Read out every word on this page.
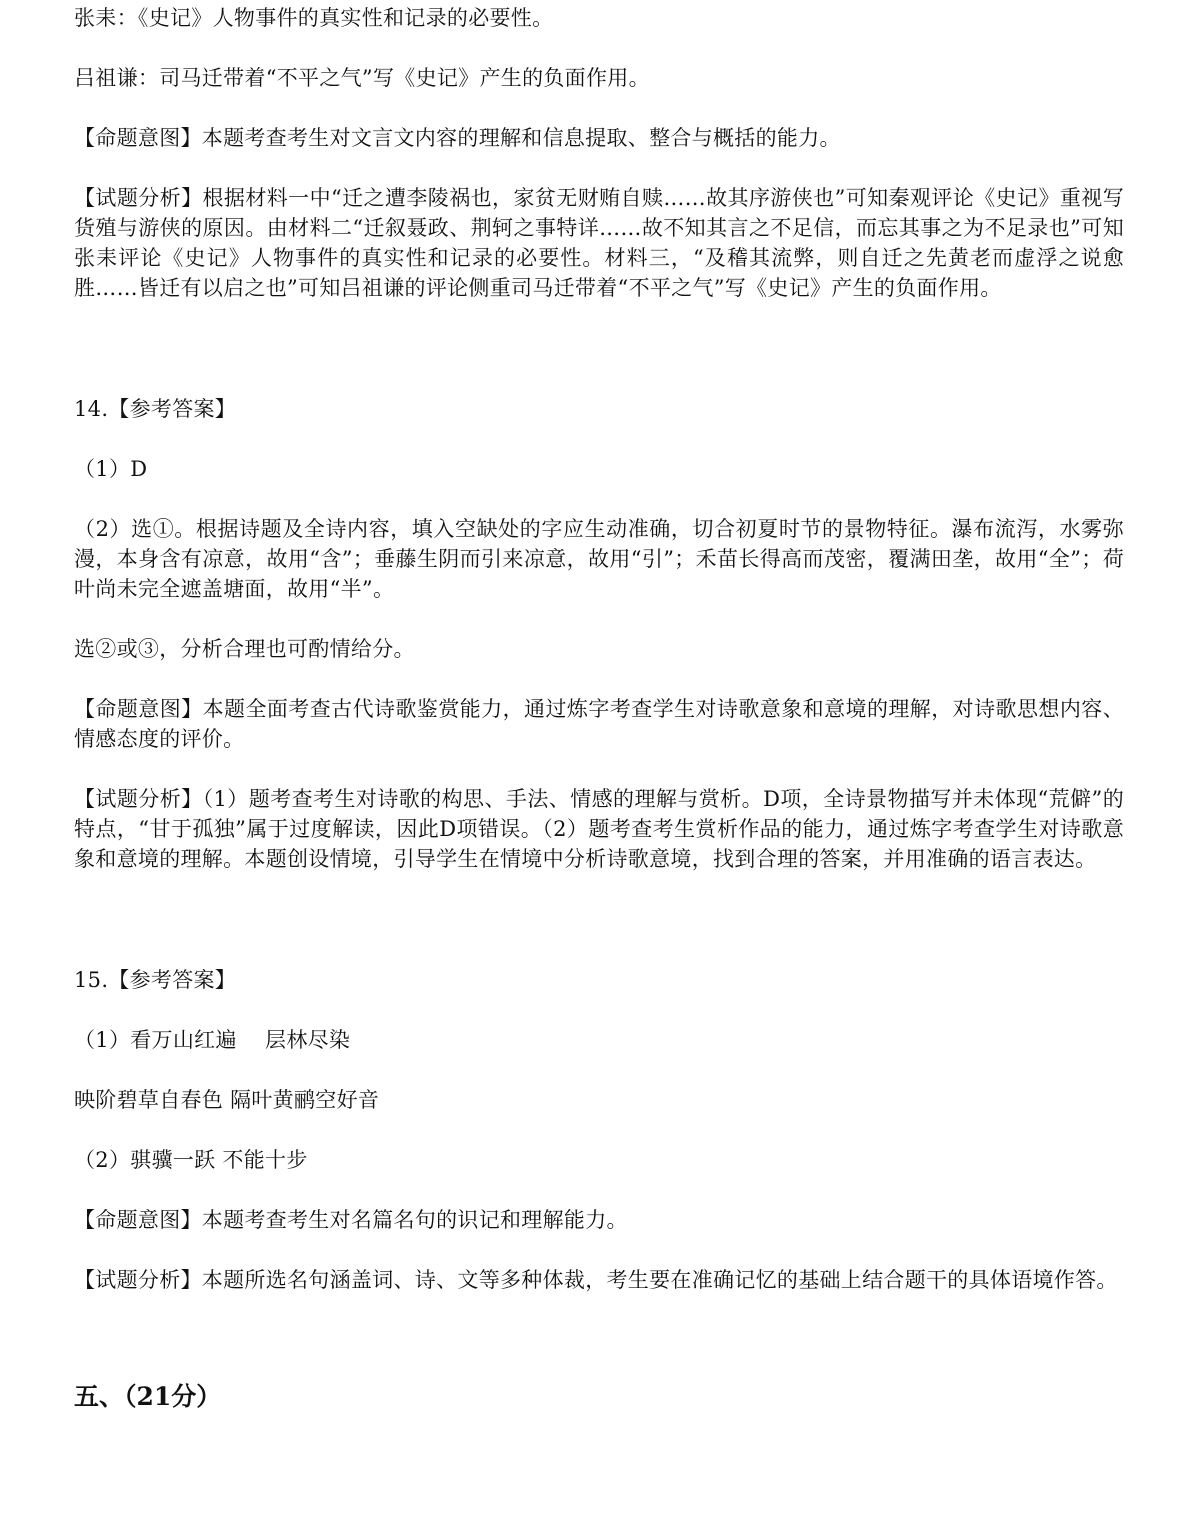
张耒：《史记》人物事件的真实性和记录的必要性。

吕祖谦：司马迁带着“不平之气”写《史记》产生的负面作用。

【命题意图】本题考查考生对文言文内容的理解和信息提取、整合与概括的能力。

【试题分析】根据材料一中“迁之遭李陵祸也，家贫无财贿自赎……故其序游侠也”可知秦观评论《史记》重视写货殖与游侠的原因。由材料二“迁叙聂政、荆轲之事特详……故不知其言之不足信，而忘其事之为不足录也”可知张耒评论《史记》人物事件的真实性和记录的必要性。材料三，“及稽其流弊，则自迁之先黄老而虚浮之说愈胜……皆迁有以启之也”可知吕祖谦的评论侧重司马迁带着“不平之气”写《史记》产生的负面作用。

14.【参考答案】

（1）D

（2）选①。根据诗题及全诗内容，填入空缺处的字应生动准确，切合初夏时节的景物特征。瀑布流泻，水雾弥漫，本身含有凉意，故用“含”；垂藤生阴而引来凉意，故用“引”；禾苗长得高而茂密，覆满田垄，故用“全”；荷叶尚未完全遮盖塘面，故用“半”。

选②或③，分析合理也可酌情给分。

【命题意图】本题全面考查古代诗歌鉴赏能力，通过炼字考查学生对诗歌意象和意境的理解，对诗歌思想内容、情感态度的评价。

【试题分析】（1）题考查考生对诗歌的构思、手法、情感的理解与赏析。D项，全诗景物描写并未体现“荒僻”的特点，“甘于孤独”属于过度解读，因此D项错误。（2）题考查考生赏析作品的能力，通过炼字考查学生对诗歌意象和意境的理解。本题创设情境，引导学生在情境中分析诗歌意境，找到合理的答案，并用准确的语言表达。

15.【参考答案】

（1）看万山红遍　 层林尽染

映阶碧草自春色 隔叶黄鹂空好音

（2）骐骥一跃 不能十步

【命题意图】本题考查考生对名篇名句的识记和理解能力。

【试题分析】本题所选名句涵盖词、诗、文等多种体裁，考生要在准确记忆的基础上结合题干的具体语境作答。

五、（21分）
